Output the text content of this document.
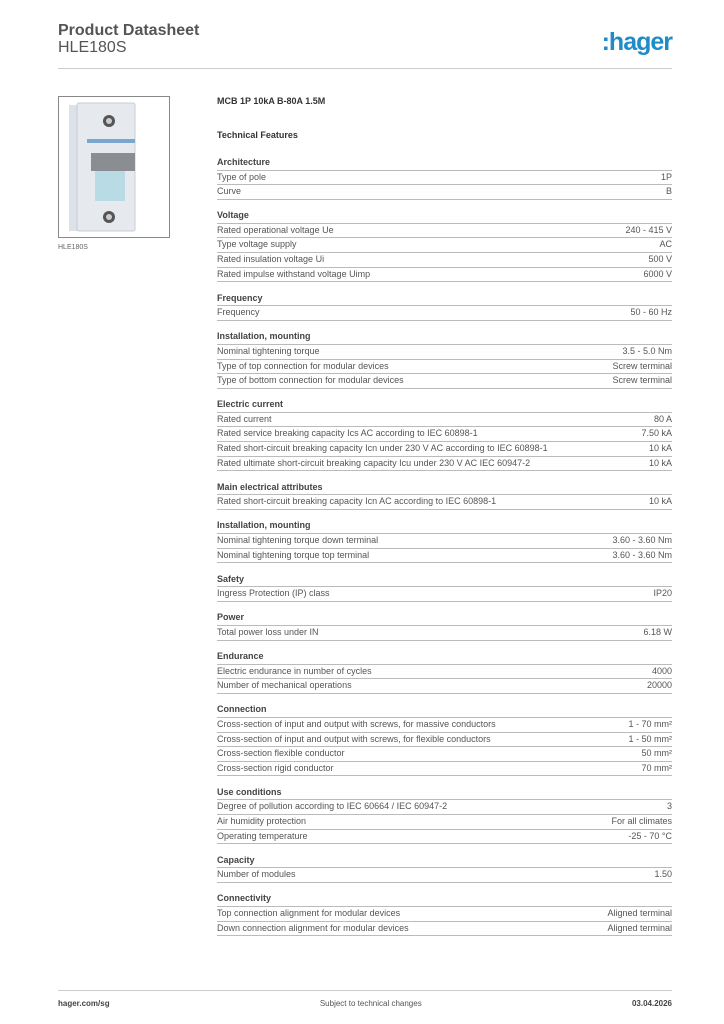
Product Datasheet
HLE180S	:hager
HLE180S
MCB 1P 10kA B-80A 1.5M
Technical Features
Architecture
Type of pole	1P
Curve	B
Voltage
Rated operational voltage Ue	240 - 415 V
Type voltage supply	AC
Rated insulation voltage Ui	500 V
Rated impulse withstand voltage Uimp	6000 V
Frequency
Frequency	50 - 60 Hz
Installation, mounting
Nominal tightening torque	3.5 - 5.0 Nm
Type of top connection for modular devices	Screw terminal
Type of bottom connection for modular devices	Screw terminal
Electric current
Rated current	80 A
Rated service breaking capacity Ics AC according to IEC 60898-1	7.50 kA
Rated short-circuit breaking capacity Icn under 230 V AC according to IEC 60898-1	10 kA
Rated ultimate short-circuit breaking capacity Icu under 230 V AC IEC 60947-2	10 kA
Main electrical attributes
Rated short-circuit breaking capacity Icn AC according to IEC 60898-1	10 kA
Installation, mounting
Nominal tightening torque down terminal	3.60 - 3.60 Nm
Nominal tightening torque top terminal	3.60 - 3.60 Nm
Safety
Ingress Protection (IP) class	IP20
Power
Total power loss under IN	6.18 W
Endurance
Electric endurance in number of cycles	4000
Number of mechanical operations	20000
Connection
Cross-section of input and output with screws, for massive conductors	1 - 70 mm²
Cross-section of input and output with screws, for flexible conductors	1 - 50 mm²
Cross-section flexible conductor	50 mm²
Cross-section rigid conductor	70 mm²
Use conditions
Degree of pollution according to IEC 60664 / IEC 60947-2	3
Air humidity protection	For all climates
Operating temperature	-25 - 70 °C
Capacity
Number of modules	1.50
Connectivity
Top connection alignment for modular devices	Aligned terminal
Down connection alignment for modular devices	Aligned terminal
hager.com/sg	Subject to technical changes	03.04.2026
